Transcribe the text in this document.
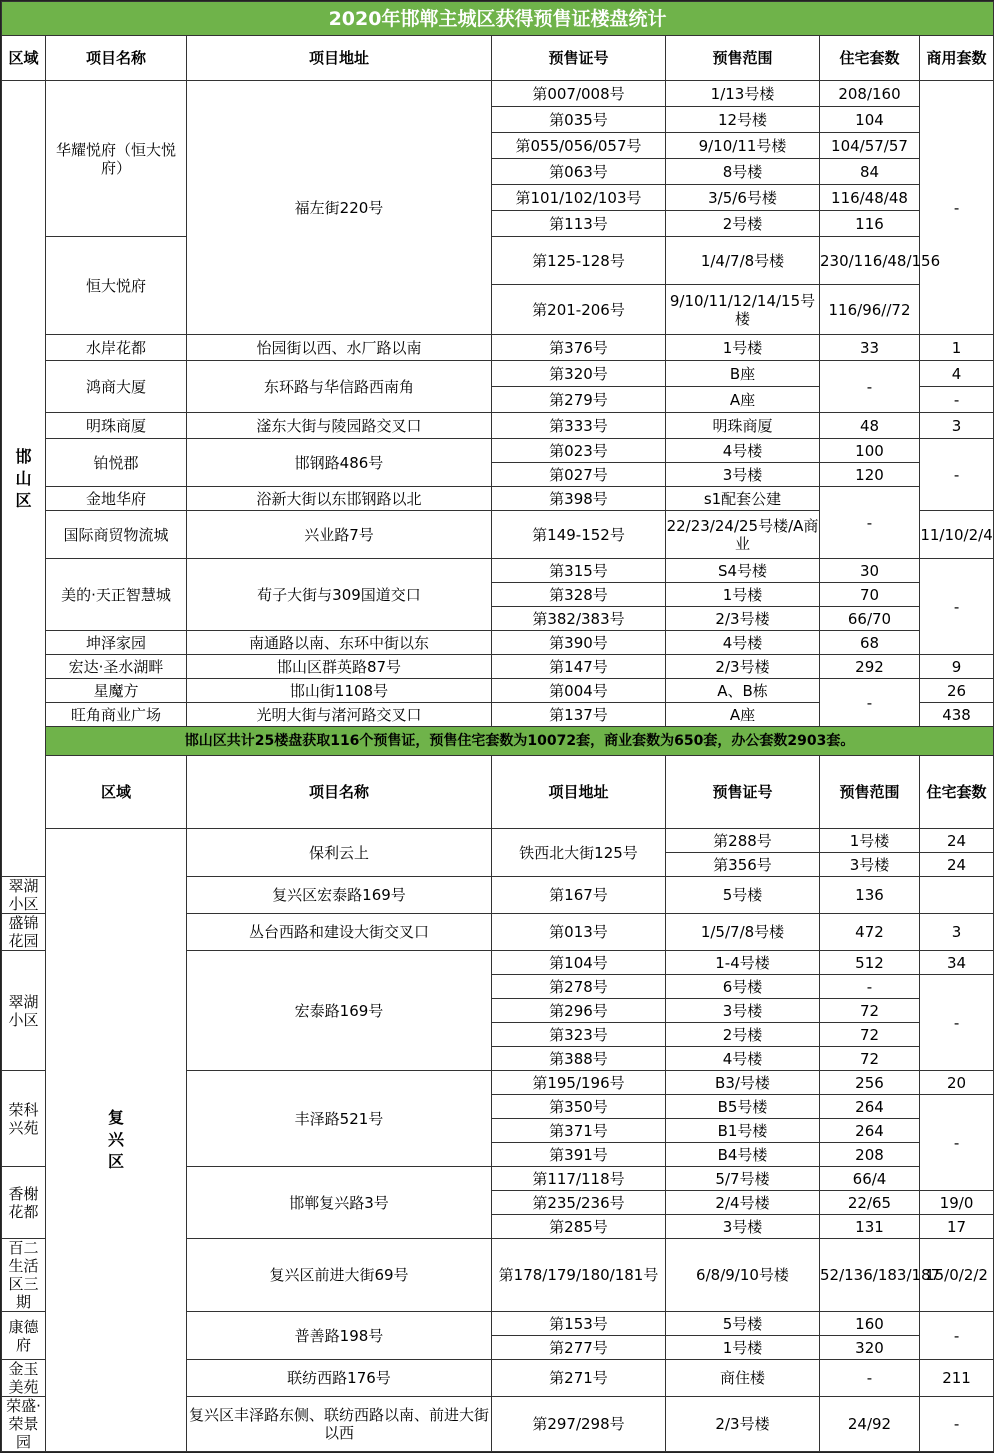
2020年邯郸主城区获得预售证楼盘统计							
区域	项目名称	项目地址	预售证号	预售范围	住宅套数	商用套数	
邯山区	华耀悦府（恒大悦府）	福左街220号	第007/008号	1/13号楼	208/160	-	
			第035号	12号楼	104		
			第055/056/057号	9/10/11号楼	104/57/57		
			第063号	8号楼	84		
			第101/102/103号	3/5/6号楼	116/48/48		
			第113号	2号楼	116		
	恒大悦府		第125-128号	1/4/7/8号楼	230/116/48/156		
			第201-206号	9/10/11/12/14/15号楼	116/96//72		
	水岸花都	怡园街以西、水厂路以南	第376号	1号楼	33	1	
	鸿商大厦	东环路与华信路西南角	第320号	B座	-	4	
			第279号	A座		-	
	明珠商厦	滏东大街与陵园路交叉口	第333号	明珠商厦	48	3	
	铂悦郡	邯钢路486号	第023号	4号楼	100	-	
			第027号	3号楼	120		
	金地华府	浴新大街以东邯钢路以北	第398号	s1配套公建	-		
	国际商贸物流城	兴业路7号	第149-152号	22/23/24/25号楼/A商业		11/10/2/4	
	美的·天正智慧城	荀子大街与309国道交口	第315号	S4号楼	30	-	
			第328号	1号楼	70		
			第382/383号	2/3号楼	66/70		
	坤泽家园	南通路以南、东环中街以东	第390号	4号楼	68		
	宏达·圣水湖畔	邯山区群英路87号	第147号	2/3号楼	292	9	
	星魔方	邯山街1108号	第004号	A、B栋	-	26	
	旺角商业广场	光明大街与渚河路交叉口	第137号	A座		438	
	邯山区共计25楼盘获取116个预售证，预售住宅套数为10072套，商业套数为650套，办公套数2903套。						
	区域	项目名称	项目地址	预售证号	预售范围	住宅套数	
	复兴区	保利云上	铁西北大街125号	第288号	1号楼	24	
				第356号	3号楼	24	
翠湖小区		复兴区宏泰路169号	第167号	5号楼	136		
盛锦花园		丛台西路和建设大街交叉口	第013号	1/5/7/8号楼	472	3	
翠湖小区		宏泰路169号	第104号	1-4号楼	512	34	
			第278号	6号楼	-	-	
			第296号	3号楼	72		
			第323号	2号楼	72		
			第388号	4号楼	72		
荣科兴苑		丰泽路521号	第195/196号	B3/号楼	256	20	
			第350号	B5号楼	264	-	
			第371号	B1号楼	264		
			第391号	B4号楼	208		
香榭花都		邯郸复兴路3号	第117/118号	5/7号楼	66/4		
			第235/236号	2/4号楼	22/65	19/0	
			第285号	3号楼	131	17	
百二生活区三期		复兴区前进大街69号	第178/179/180/181号	6/8/9/10号楼	52/136/183/187	15/0/2/2	
康德府		普善路198号	第153号	5号楼	160	-	
			第277号	1号楼	320		
金玉美苑		联纺西路176号	第271号	商住楼	-	211	
荣盛·荣景园		复兴区丰泽路东侧、联纺西路以南、前进大街以西	第297/298号	2/3号楼	24/92	-	
